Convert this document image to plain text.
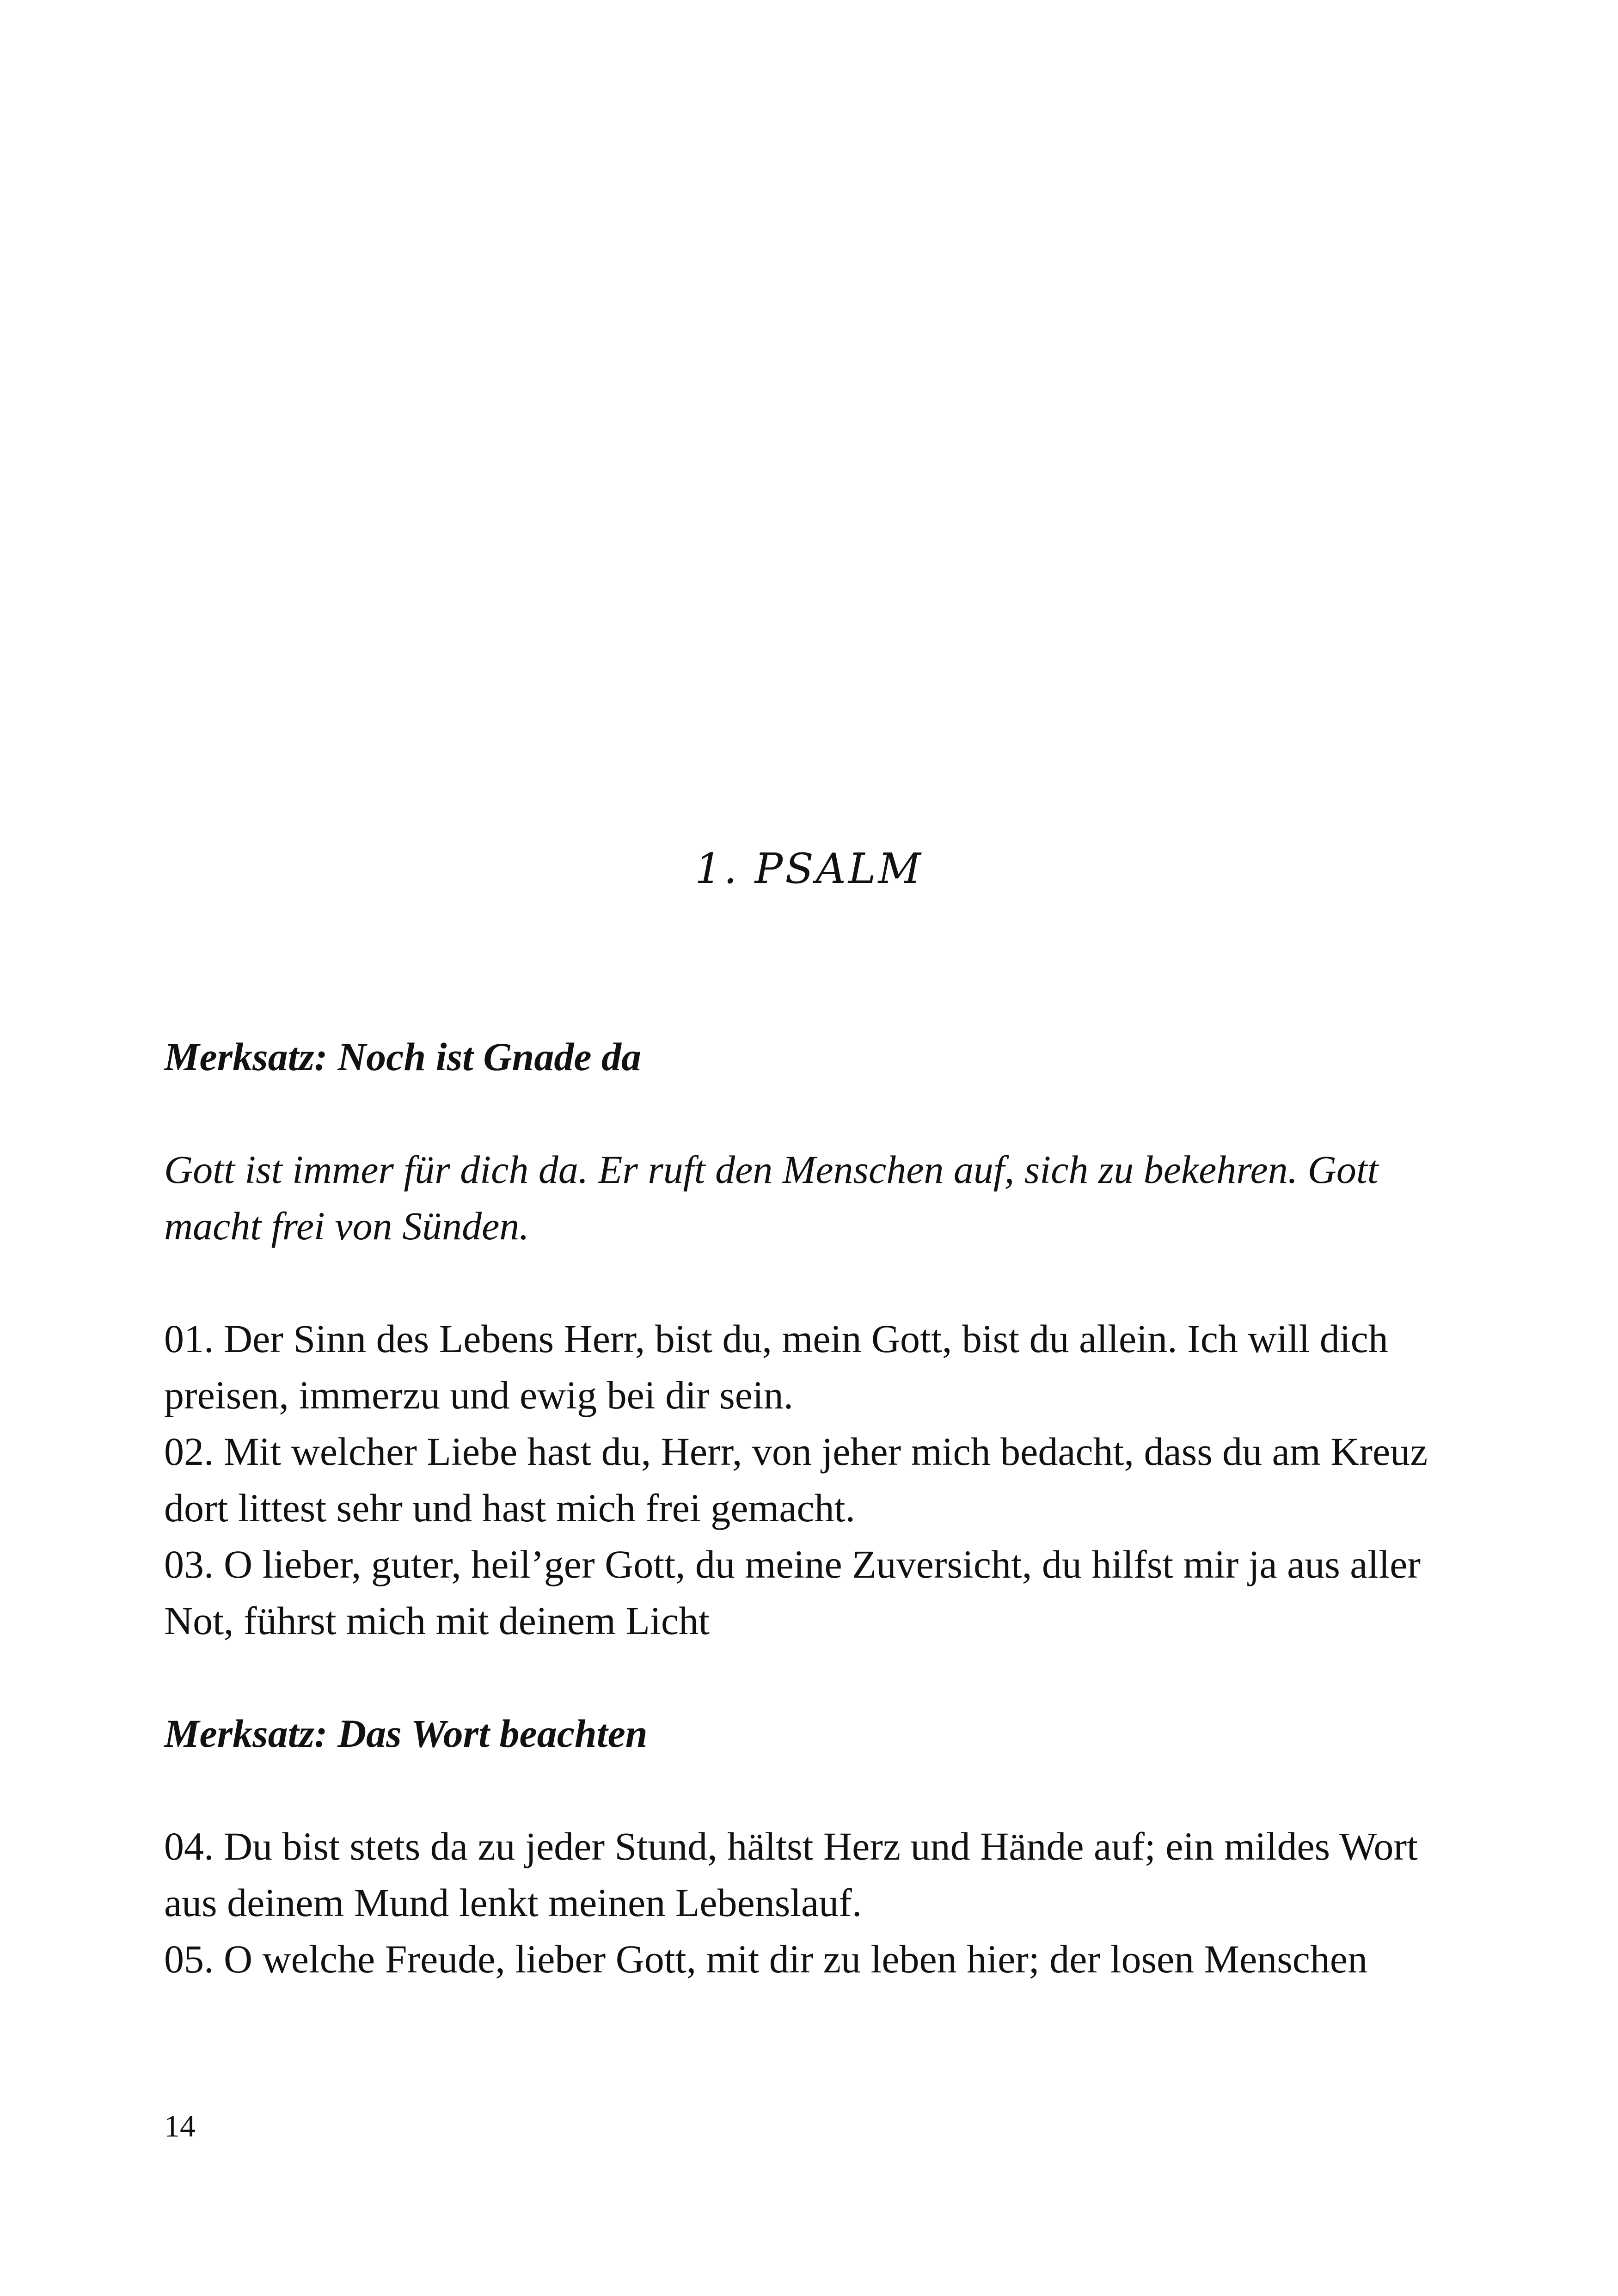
1. PSALM

Merksatz: Noch ist Gnade da

Gott ist immer für dich da. Er ruft den Menschen auf, sich zu bekehren. Gott macht frei von Sünden.

01. Der Sinn des Lebens Herr, bist du, mein Gott, bist du allein. Ich will dich preisen, immerzu und ewig bei dir sein.

02. Mit welcher Liebe hast du, Herr, von jeher mich bedacht, dass du am Kreuz dort littest sehr und hast mich frei gemacht.

03. O lieber, guter, heil’ger Gott, du meine Zuversicht, du hilfst mir ja aus aller Not, führst mich mit deinem Licht

Merksatz: Das Wort beachten

04. Du bist stets da zu jeder Stund, hältst Herz und Hände auf; ein mildes Wort aus deinem Mund lenkt meinen Lebenslauf.

05. O welche Freude, lieber Gott, mit dir zu leben hier; der losen Menschen

14
